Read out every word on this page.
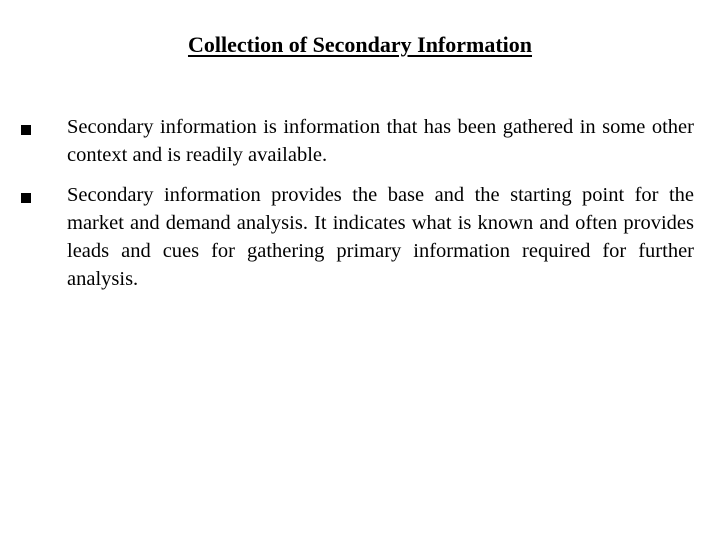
Collection of Secondary Information
Secondary information is information that has been gathered in some other context and is readily available.
Secondary information provides the base and the starting point for the market and demand analysis. It indicates what is known and often provides leads and cues for gathering primary information required for further analysis.
